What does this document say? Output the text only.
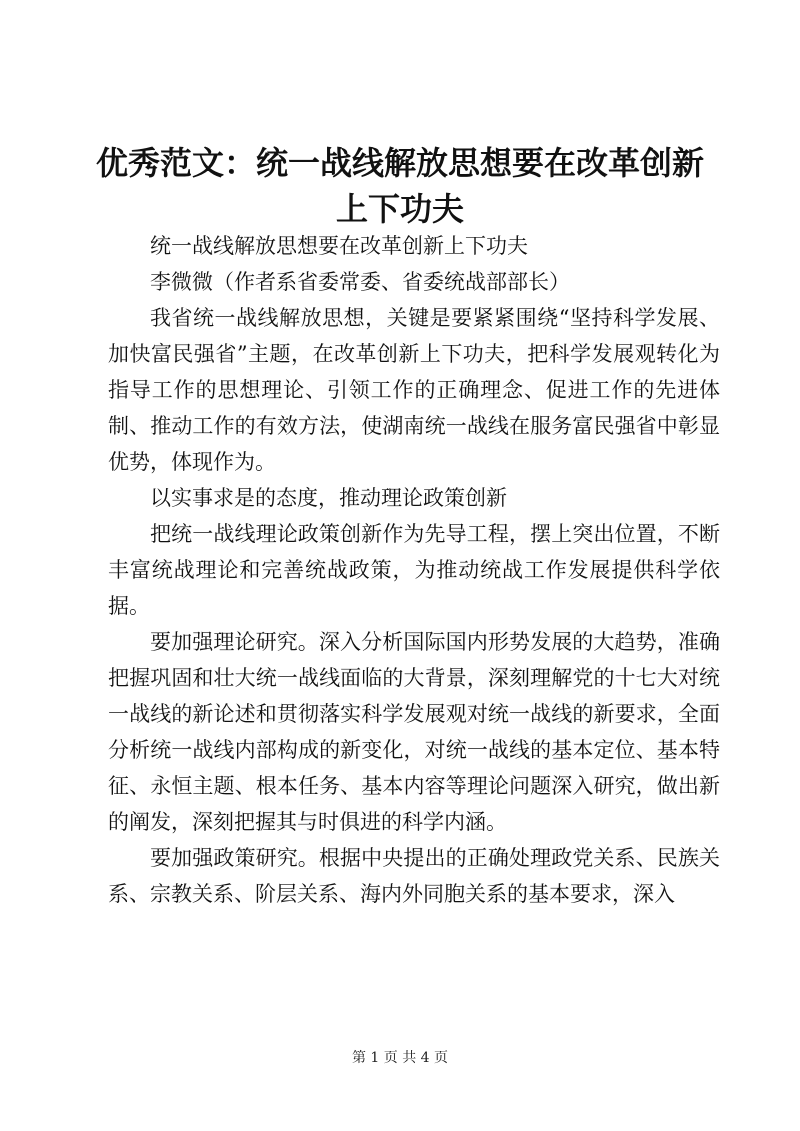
优秀范文：统一战线解放思想要在改革创新上下功夫

统一战线解放思想要在改革创新上下功夫

李微微（作者系省委常委、省委统战部部长）

我省统一战线解放思想，关键是要紧紧围绕“坚持科学发展、加快富民强省”主题，在改革创新上下功夫，把科学发展观转化为指导工作的思想理论、引领工作的正确理念、促进工作的先进体制、推动工作的有效方法，使湖南统一战线在服务富民强省中彰显优势，体现作为。

以实事求是的态度，推动理论政策创新

把统一战线理论政策创新作为先导工程，摆上突出位置，不断丰富统战理论和完善统战政策，为推动统战工作发展提供科学依据。

要加强理论研究。深入分析国际国内形势发展的大趋势，准确把握巩固和壮大统一战线面临的大背景，深刻理解党的十七大对统一战线的新论述和贯彻落实科学发展观对统一战线的新要求，全面分析统一战线内部构成的新变化，对统一战线的基本定位、基本特征、永恒主题、根本任务、基本内容等理论问题深入研究，做出新的阐发，深刻把握其与时俱进的科学内涵。

要加强政策研究。根据中央提出的正确处理政党关系、民族关系、宗教关系、阶层关系、海内外同胞关系的基本要求，深入

第 1 页 共 4 页
